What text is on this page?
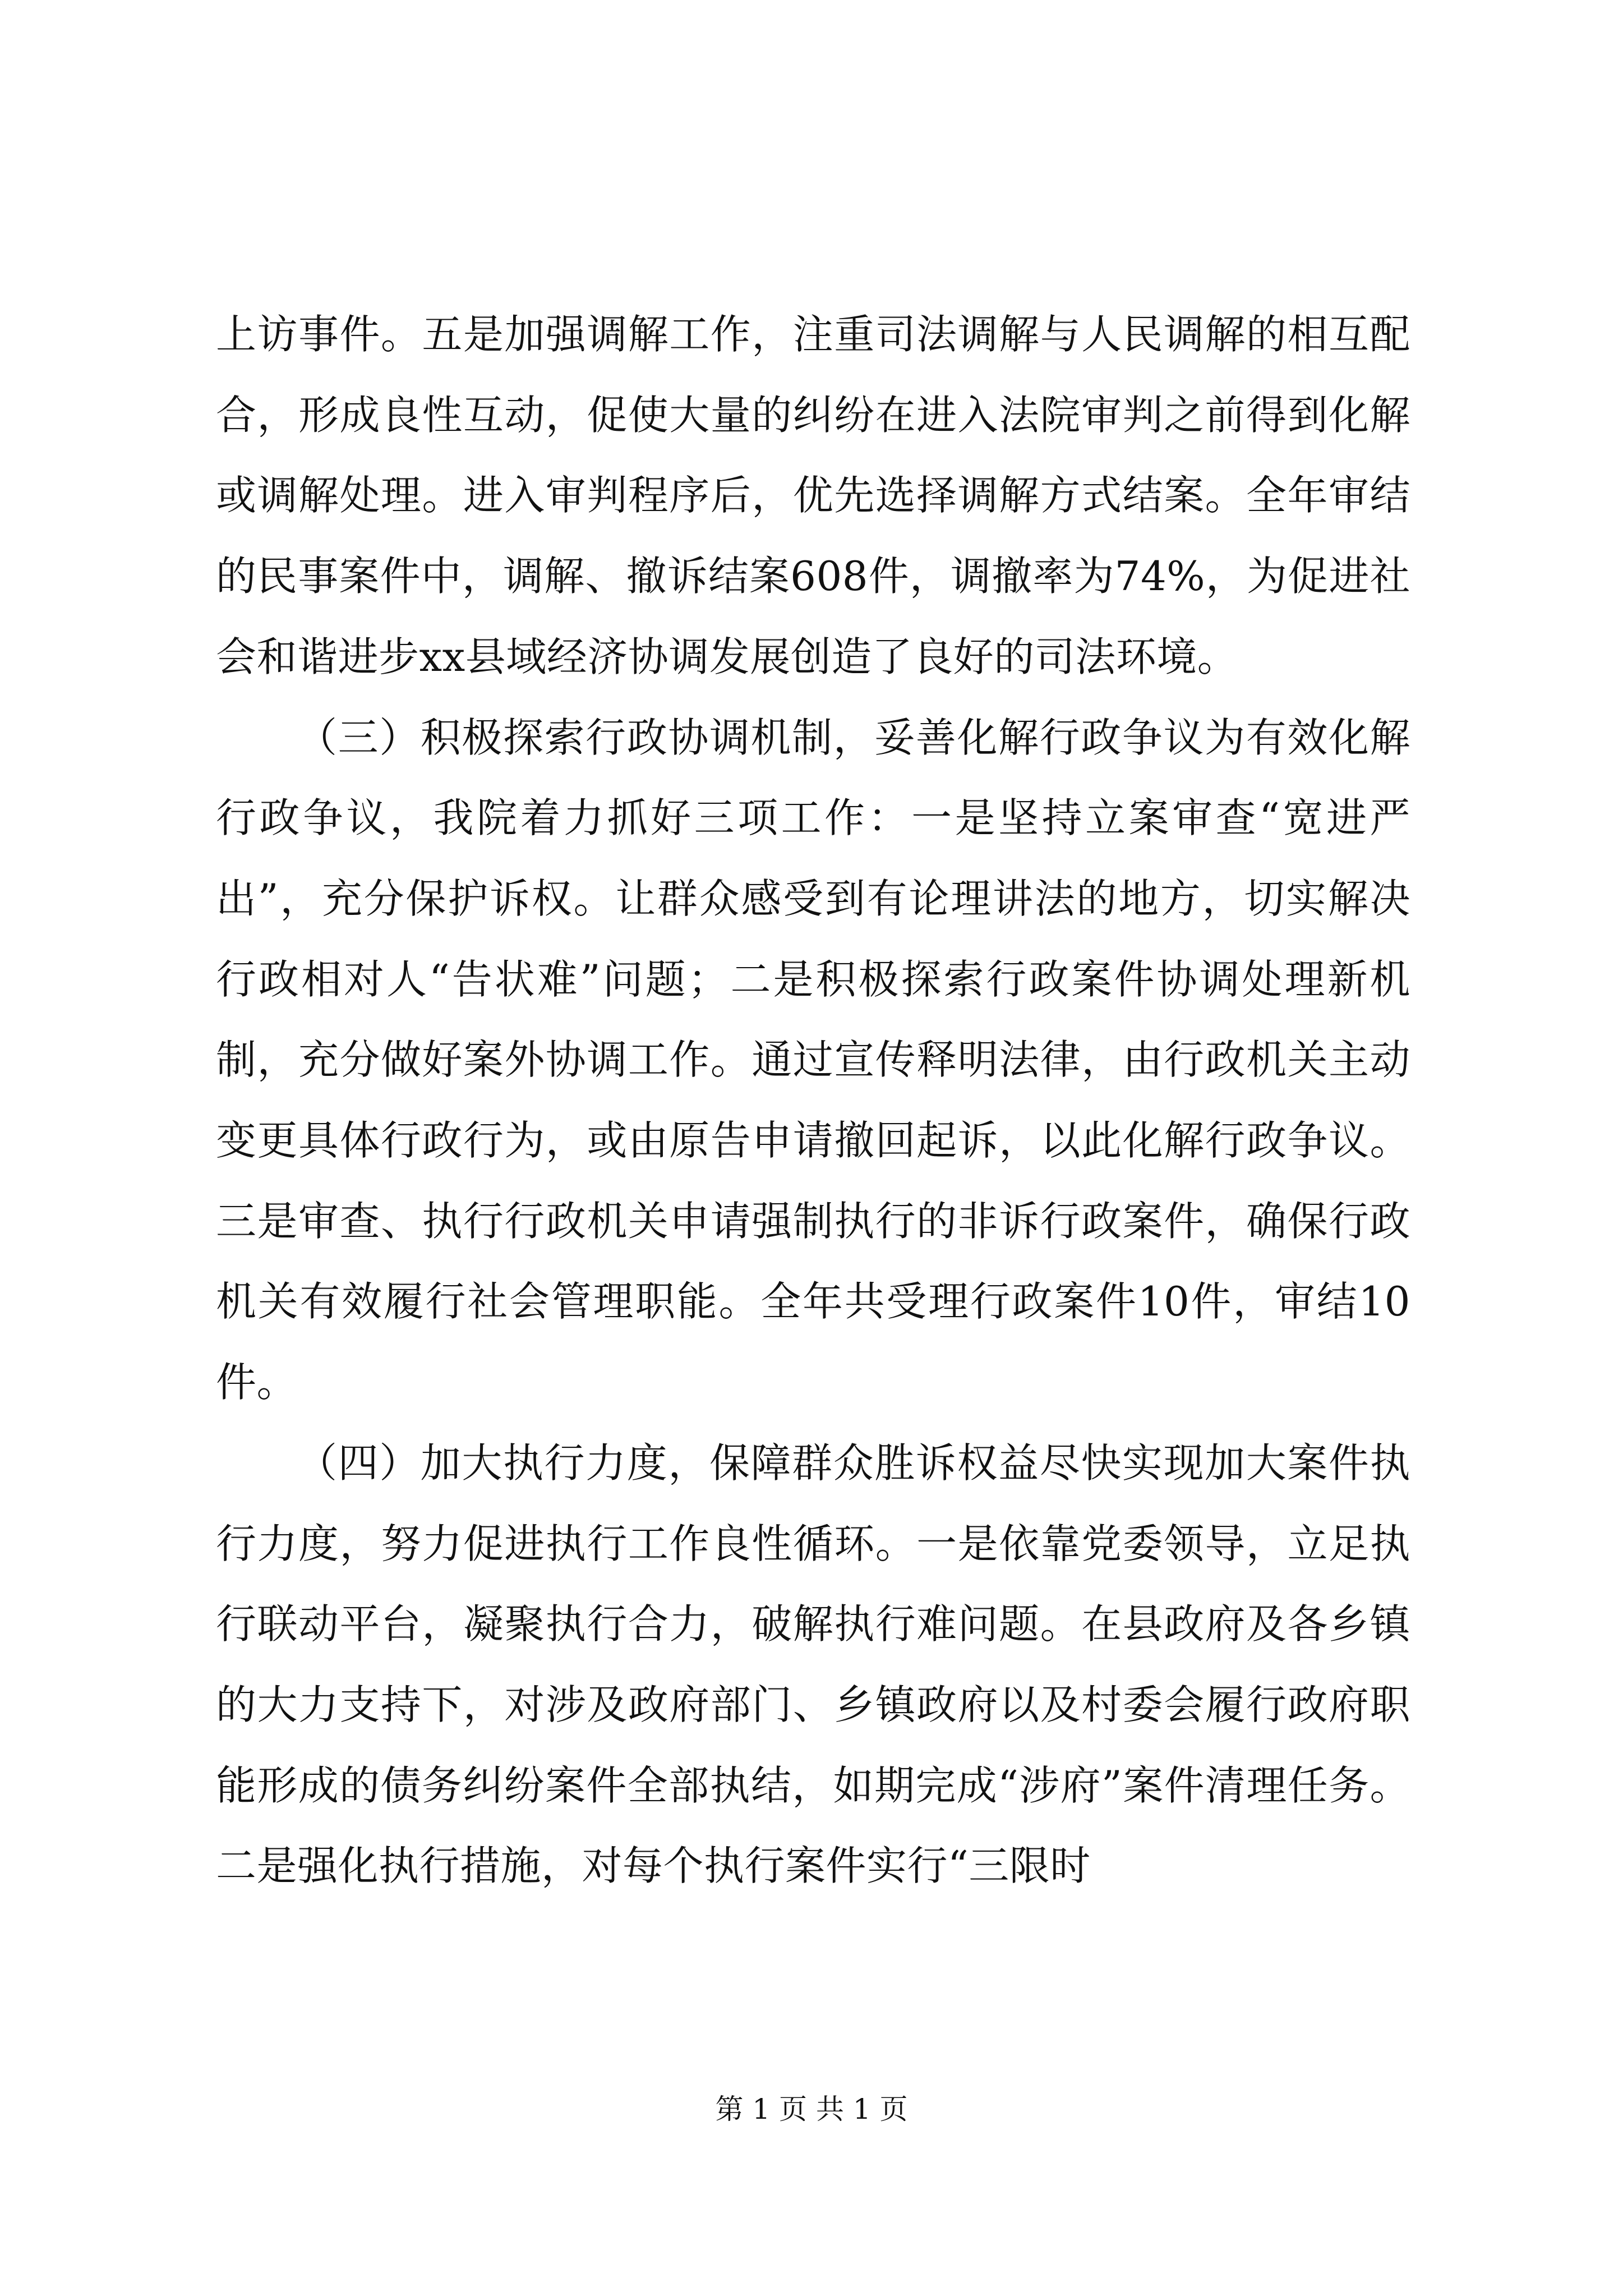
上访事件。五是加强调解工作，注重司法调解与人民调解的相互配合，形成良性互动，促使大量的纠纷在进入法院审判之前得到化解或调解处理。进入审判程序后，优先选择调解方式结案。全年审结的民事案件中，调解、撤诉结案608件，调撤率为74%，为促进社会和谐进步xx县域经济协调发展创造了良好的司法环境。

（三）积极探索行政协调机制，妥善化解行政争议为有效化解行政争议，我院着力抓好三项工作：一是坚持立案审查“宽进严出”，充分保护诉权。让群众感受到有论理讲法的地方，切实解决行政相对人“告状难”问题；二是积极探索行政案件协调处理新机制，充分做好案外协调工作。通过宣传释明法律，由行政机关主动变更具体行政行为，或由原告申请撤回起诉，以此化解行政争议。三是审查、执行行政机关申请强制执行的非诉行政案件，确保行政机关有效履行社会管理职能。全年共受理行政案件10件，审结10件。

（四）加大执行力度，保障群众胜诉权益尽快实现加大案件执行力度，努力促进执行工作良性循环。一是依靠党委领导，立足执行联动平台，凝聚执行合力，破解执行难问题。在县政府及各乡镇的大力支持下，对涉及政府部门、乡镇政府以及村委会履行政府职能形成的债务纠纷案件全部执结，如期完成“涉府”案件清理任务。二是强化执行措施，对每个执行案件实行“三限时

第 1 页 共 1 页
